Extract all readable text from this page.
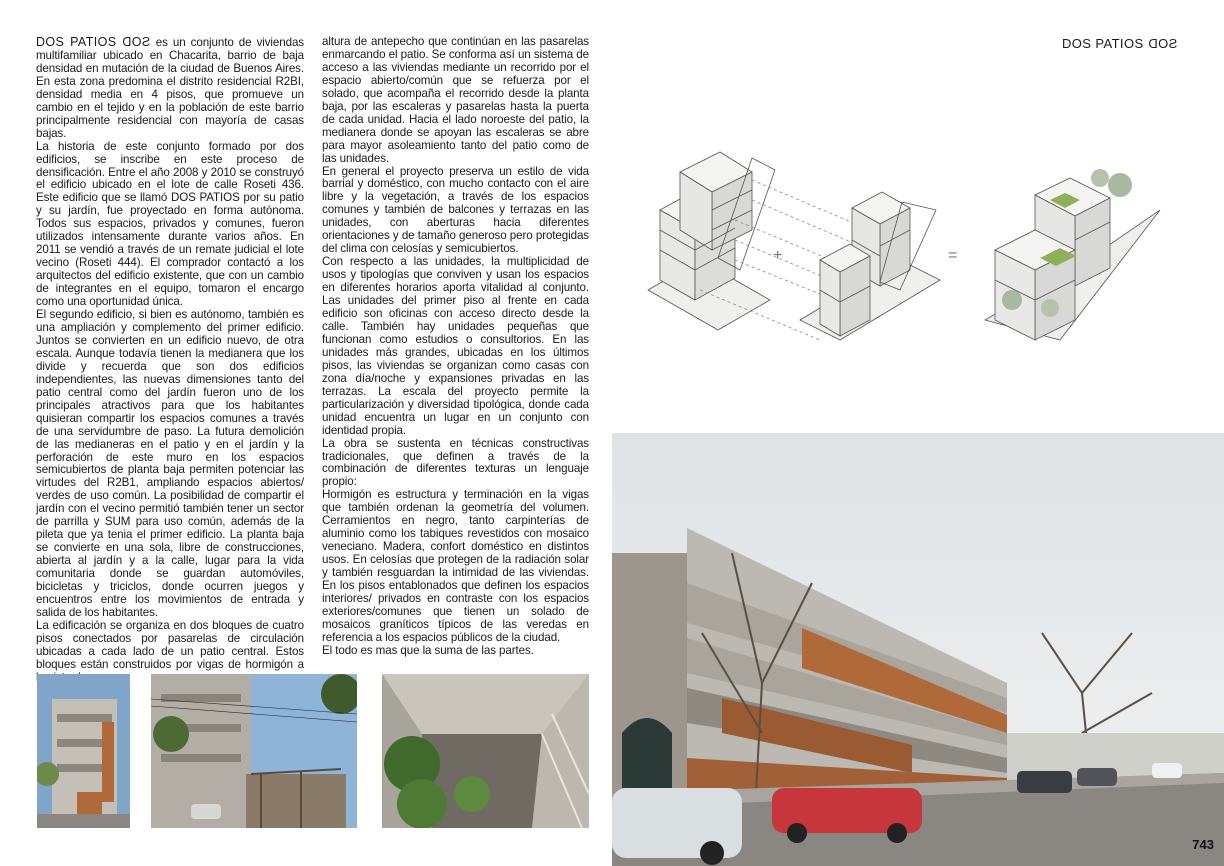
DOS PATIOS SOD es un conjunto de viviendas multifamiliar ubicado en Chacarita, barrio de baja densidad en mutación de la ciudad de Buenos Aires. En esta zona predomina el distrito residencial R2BI, densidad media en 4 pisos, que promueve un cambio en el tejido y en la población de este barrio principalmente residencial con mayoría de casas bajas.

La historia de este conjunto formado por dos edificios, se inscribe en este proceso de densificación. Entre el año 2008 y 2010 se construyó el edificio ubicado en el lote de calle Roseti 436. Este edificio que se llamó DOS PATIOS por su patio y su jardín, fue proyectado en forma autónoma. Todos sus espacios, privados y comunes, fueron utilizados intensamente durante varios años. En 2011 se vendió a través de un remate judicial el lote vecino (Roseti 444). El comprador contactó a los arquitectos del edificio existente, que con un cambio de integrantes en el equipo, tomaron el encargo como una oportunidad única.

El segundo edificio, si bien es autónomo, también es una ampliación y complemento del primer edificio. Juntos se convierten en un edificio nuevo, de otra escala. Aunque todavía tienen la medianera que los divide y recuerda que son dos edificios independientes, las nuevas dimensiones tanto del patio central como del jardín fueron uno de los principales atractivos para que los habitantes quisieran compartir los espacios comunes a través de una servidumbre de paso. La futura demolición de las medianeras en el patio y en el jardín y la perforación de este muro en los espacios semicubiertos de planta baja permiten potenciar las virtudes del R2B1, ampliando espacios abiertos/ verdes de uso común. La posibilidad de compartir el jardín con el vecino permitió también tener un sector de parrilla y SUM para uso común, además de la pileta que ya tenia el primer edificio. La planta baja se convierte en una sola, libre de construcciones, abierta al jardín y a la calle, lugar para la vida comunitaria donde se guardan automóviles, bicicletas y triciclos, donde ocurren juegos y encuentros entre los movimientos de entrada y salida de los habitantes.

La edificación se organiza en dos bloques de cuatro pisos conectados por pasarelas de circulación ubicadas a cada lado de un patio central. Estos bloques están construidos por vigas de hormigón a

altura de antepecho que continúan en las pasarelas enmarcando el patio. Se conforma así un sistema de acceso a las viviendas mediante un recorrido por el espacio abierto/común que se refuerza por el solado, que acompaña el recorrido desde la planta baja, por las escaleras y pasarelas hasta la puerta de cada unidad. Hacia el lado noroeste del patio, la medianera donde se apoyan las escaleras se abre para mayor asoleamiento tanto del patio como de las unidades.

En general el proyecto preserva un estilo de vida barrial y doméstico, con mucho contacto con el aire libre y la vegetación, a través de los espacios comunes y también de balcones y terrazas en las unidades, con aberturas hacia diferentes orientaciones y de tamaño generoso pero protegidas del clima con celosías y semicubiertos.

Con respecto a las unidades, la multiplicidad de usos y tipologías que conviven y usan los espacios en diferentes horarios aporta vitalidad al conjunto. Las unidades del primer piso al frente en cada edificio son oficinas con acceso directo desde la calle. También hay unidades pequeñas que funcionan como estudios o consultorios. En las unidades más grandes, ubicadas en los últimos pisos, las viviendas se organizan como casas con zona día/noche y expansiones privadas en las terrazas. La escala del proyecto permite la particularización y diversidad tipológica, donde cada unidad encuentra un lugar en un conjunto con identidad propia.

La obra se sustenta en técnicas constructivas tradicionales, que definen a través de la combinación de diferentes texturas un lenguaje propio:

Hormigón es estructura y terminación en la vigas que también ordenan la geometría del volumen. Cerramientos en negro, tanto carpinterías de aluminio como los tabiques revestidos con mosaico veneciano. Madera, confort doméstico en distintos usos. En celosías que protegen de la radiación solar y también resguardan la intimidad de las viviendas. En los pisos entablonados que definen los espacios interiores/ privados en contraste con los espacios exteriores/comunes que tienen un solado de mosaicos graníticos típicos de las veredas en referencia a los espacios públicos de la ciudad.

El todo es mas que la suma de las partes.

DOS PATIOS SOD
+	=
743
